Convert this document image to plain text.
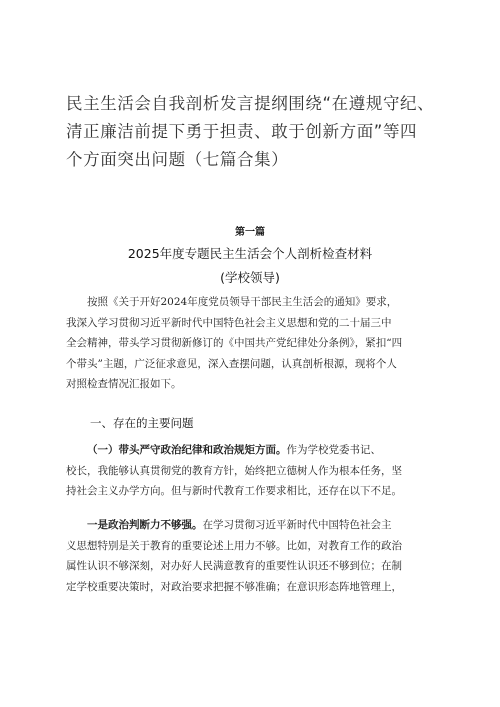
民主生活会自我剖析发言提纲围绕“在遵规守纪、
清正廉洁前提下勇于担责、敢于创新方面”等四
个方面突出问题（七篇合集）
第一篇
2025年度专题民主生活会个人剖析检查材料
(学校领导)
按照《关于开好2024年度党员领导干部民主生活会的通知》要求，
我深入学习贯彻习近平新时代中国特色社会主义思想和党的二十届三中
全会精神，带头学习贯彻新修订的《中国共产党纪律处分条例》，紧扣“四
个带头”主题，广泛征求意见，深入查摆问题，认真剖析根源，现将个人
对照检查情况汇报如下。
一、存在的主要问题
（一）带头严守政治纪律和政治规矩方面。作为学校党委书记、
校长，我能够认真贯彻党的教育方针，始终把立德树人作为根本任务，坚
持社会主义办学方向。但与新时代教育工作要求相比，还存在以下不足。
一是政治判断力不够强。在学习贯彻习近平新时代中国特色社会主
义思想特别是关于教育的重要论述上用力不够。比如，对教育工作的政治
属性认识不够深刻，对办好人民满意教育的重要性认识还不够到位；在制
定学校重要决策时，对政治要求把握不够准确；在意识形态阵地管理上，
